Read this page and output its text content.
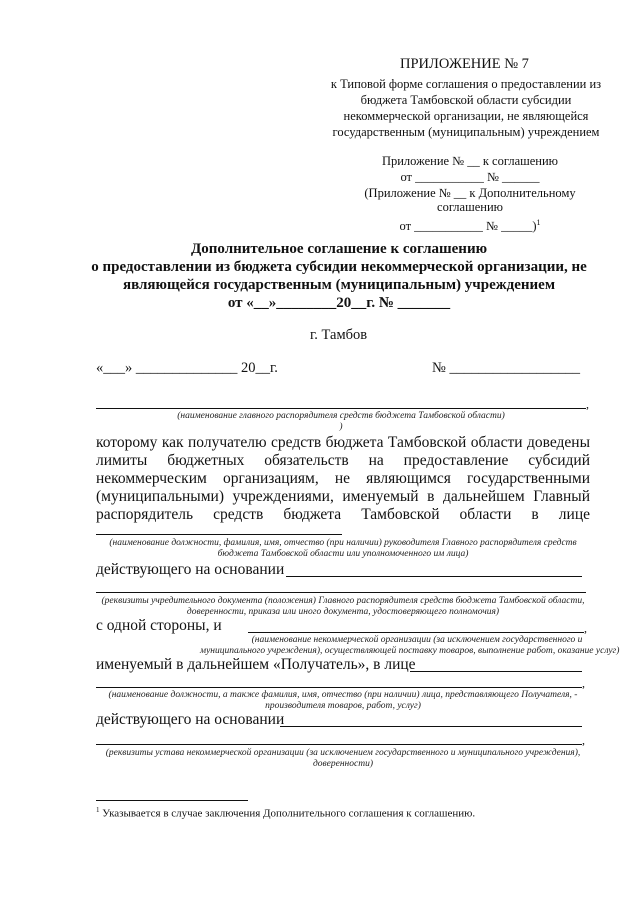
ПРИЛОЖЕНИЕ № 7
к Типовой форме соглашения о предоставлении из
бюджета Тамбовской области субсидии
некоммерческой организации, не являющейся
государственным (муниципальным) учреждением
Приложение № __ к соглашению
от ___________ № ______
(Приложение № __ к Дополнительному
соглашению
от ___________ № _____)$^1$
Дополнительное соглашение к соглашению
о предоставлении из бюджета субсидии некоммерческой организации, не
являющейся государственным (муниципальным) учреждением
от «__»________20__г. № _______
г. Тамбов
«___» ______________ 20__г.	№ __________________
,
(наименование главного распорядителя средств бюджета Тамбовской области)
)
которому как получателю средств бюджета Тамбовской области доведены
лимиты бюджетных обязательств на предоставление субсидий
некоммерческим организациям, не являющимся государственными
(муниципальными) учреждениями, именуемый в дальнейшем Главный
распорядитель средств бюджета Тамбовской области в лице
(наименование должности, фамилия, имя, отчество (при наличии) руководителя Главного распорядителя средств
бюджета Тамбовской области или уполномоченного им лица)
действующего на основании
(реквизиты учредительного документа (положения) Главного распорядителя средств бюджета Тамбовской области,
доверенности, приказа или иного документа, удостоверяющего полномочия)
с одной стороны, и	,
(наименование некоммерческой организации (за исключением государственного и
муниципального учреждения), осуществляющей поставку товаров, выполнение работ, оказание услуг)
именуемый в дальнейшем «Получатель», в лице
,
(наименование должности, а также фамилия, имя, отчество (при наличии) лица, представляющего Получателя, -
производителя товаров, работ, услуг)
действующего на основании
,
(реквизиты устава некоммерческой организации (за исключением государственного и муниципального учреждения),
доверенности)
$^1$ Указывается в случае заключения Дополнительного соглашения к соглашению.
